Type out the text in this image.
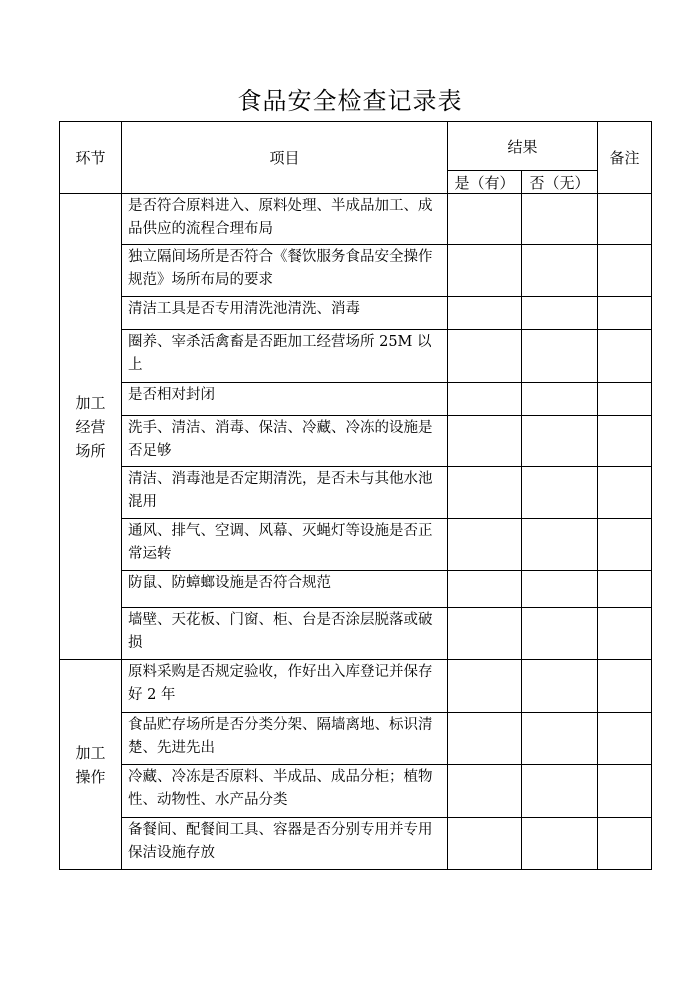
食品安全检查记录表
环节	项目	结果		备注
		是（有）	否（无）	
加工经营场所	是否符合原料进入、原料处理、半成品加工、成品供应的流程合理布局			
	独立隔间场所是否符合《餐饮服务食品安全操作规范》场所布局的要求			
	清洁工具是否专用清洗池清洗、消毒			
	圈养、宰杀活禽畜是否距加工经营场所 25M 以上			
	是否相对封闭			
	洗手、清洁、消毒、保洁、冷藏、冷冻的设施是否足够			
	清洁、消毒池是否定期清洗，是否未与其他水池混用			
	通风、排气、空调、风幕、灭蝇灯等设施是否正常运转			
	防鼠、防蟑螂设施是否符合规范			
	墙壁、天花板、门窗、柜、台是否涂层脱落或破损			
加工操作	原料采购是否规定验收，作好出入库登记并保存好 2 年			
	食品贮存场所是否分类分架、隔墙离地、标识清楚、先进先出			
	冷藏、冷冻是否原料、半成品、成品分柜；植物性、动物性、水产品分类			
	备餐间、配餐间工具、容器是否分别专用并专用保洁设施存放			
